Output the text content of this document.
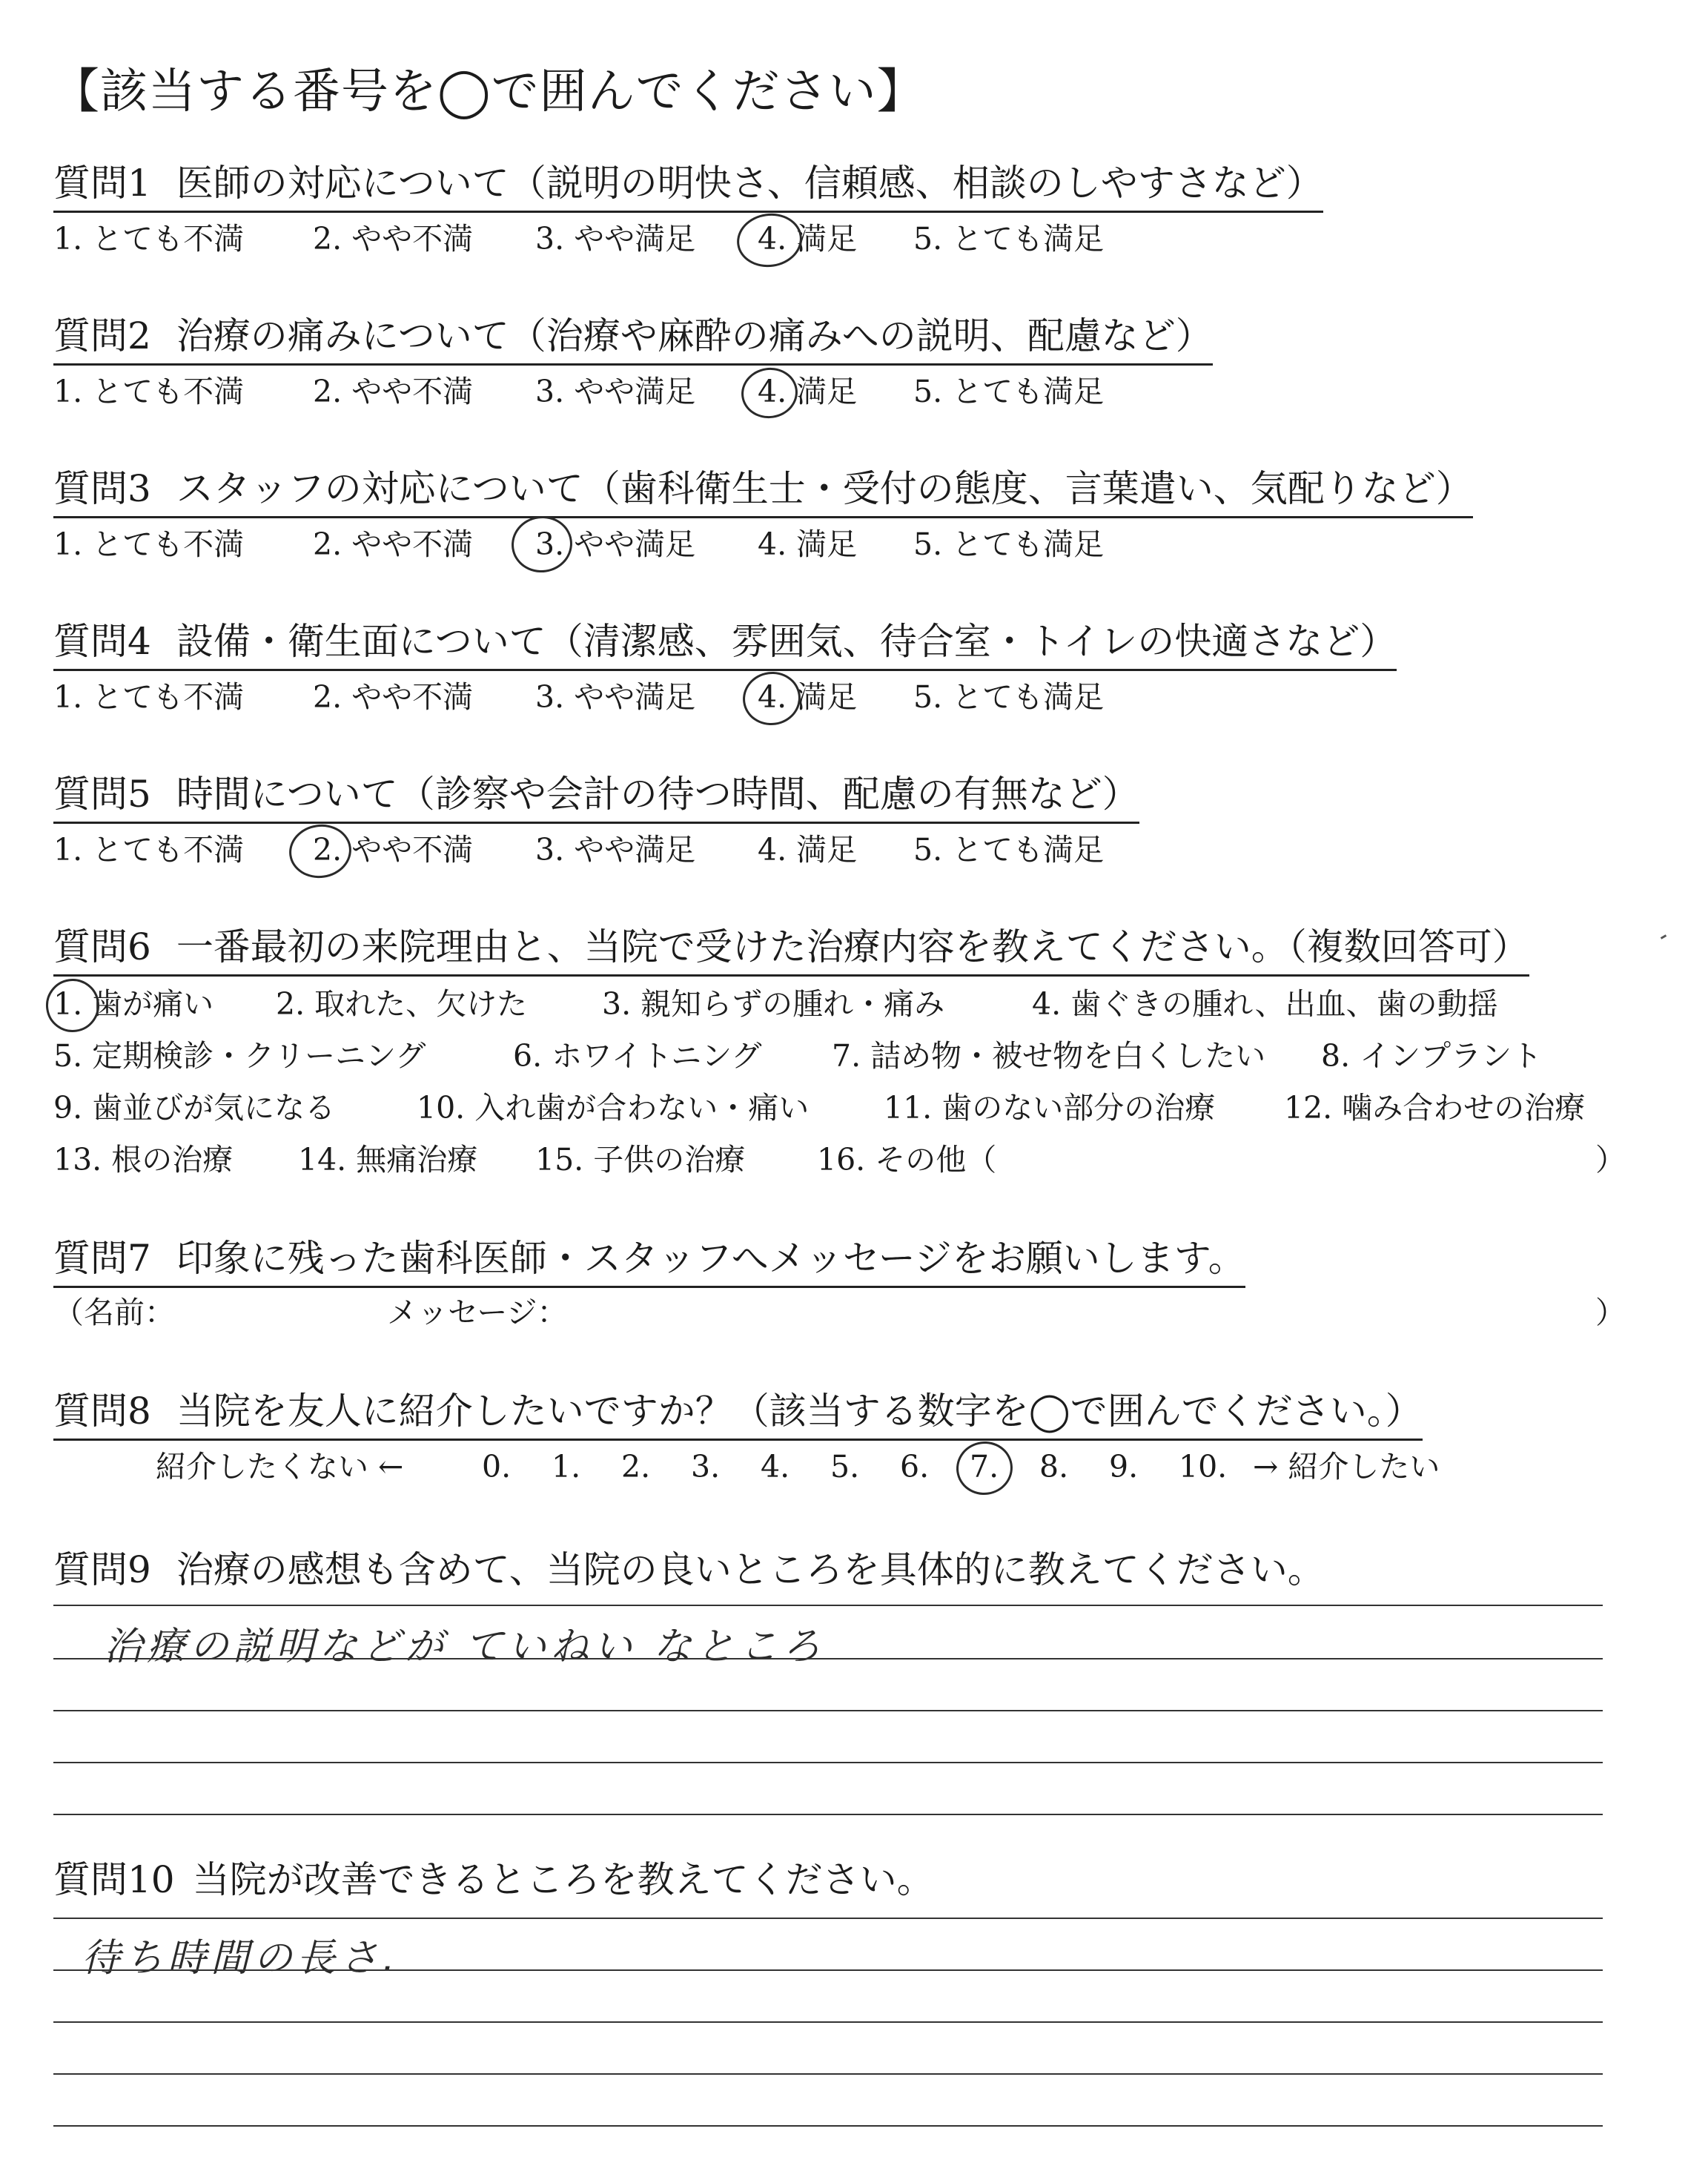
【該当する番号を◯で囲んでください】
質問1 医師の対応について（説明の明快さ、信頼感、相談のしやすさなど）
1. とても不満 2. やや不満 3. やや満足 4. 満足 5. とても満足
質問2 治療の痛みについて（治療や麻酔の痛みへの説明、配慮など）
1. とても不満 2. やや不満 3. やや満足 4. 満足 5. とても満足
質問3 スタッフの対応について（歯科衛生士・受付の態度、言葉遣い、気配りなど）
1. とても不満 2. やや不満 3. やや満足 4. 満足 5. とても満足
質問4 設備・衛生面について（清潔感、雰囲気、待合室・トイレの快適さなど）
1. とても不満 2. やや不満 3. やや満足 4. 満足 5. とても満足
質問5 時間について（診察や会計の待つ時間、配慮の有無など）
1. とても不満 2. やや不満 3. やや満足 4. 満足 5. とても満足
質問6 一番最初の来院理由と、当院で受けた治療内容を教えてください。（複数回答可）
1. 歯が痛い 2. 取れた、欠けた 3. 親知らずの腫れ・痛み	4. 歯ぐきの腫れ、出血、歯の動揺
5. 定期検診・クリーニング	6. ホワイトニング 7. 詰め物・被せ物を白くしたい 8. インプラント
9. 歯並びが気になる	10. 入れ歯が合わない・痛い 11. 歯のない部分の治療 12. 噛み合わせの治療
13. 根の治療 14. 無痛治療 15. 子供の治療 16. その他（	）
質問7 印象に残った歯科医師・スタッフへメッセージをお願いします。
（名前：	メッセージ：	）
質問8 当院を友人に紹介したいですか？（該当する数字を◯で囲んでください。）
紹介したくない ←	0. 1. 2. 3. 4. 5. 6. 7. 8. 9. 10. → 紹介したい
質問9 治療の感想も含めて、当院の良いところを具体的に教えてください。
治療の説明などが ていねい なところ
質問10 当院が改善できるところを教えてください。
待ち時間の長さ.
